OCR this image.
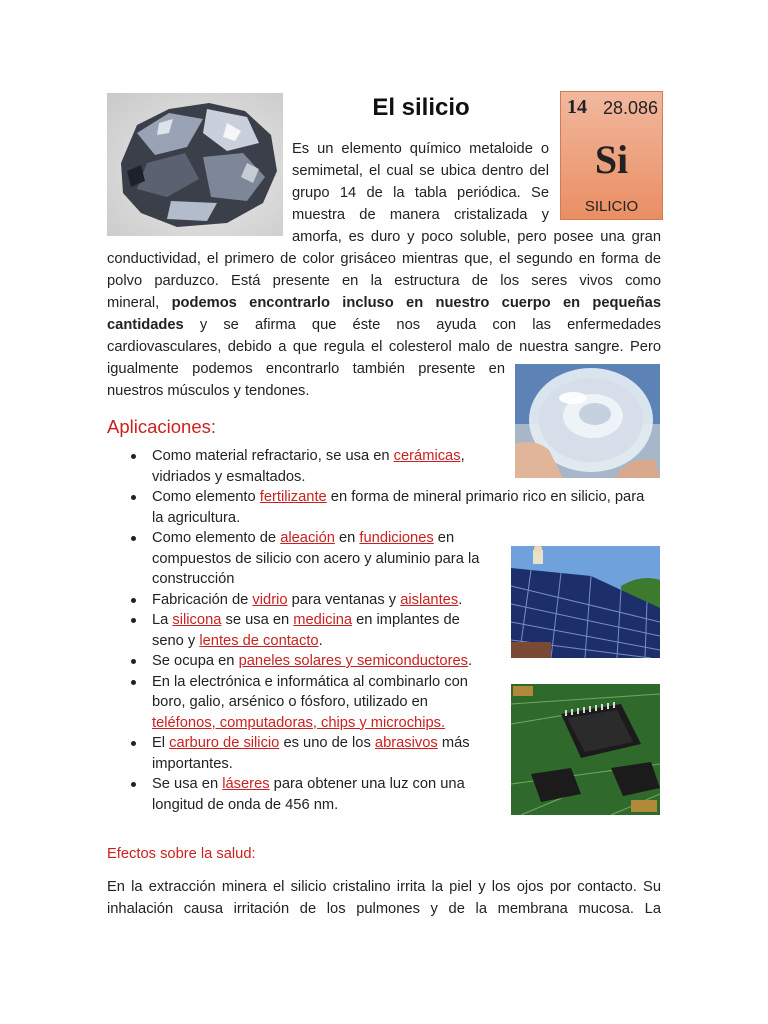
El silicio	14 28.086
Si
SILICIO
Es un elemento químico metaloide o
semimetal, el cual se ubica dentro del
grupo 14 de la tabla periódica. Se
muestra de manera cristalizada y
amorfa, es duro y poco soluble, pero posee una gran
conductividad, el primero de color grisáceo mientras que, el segundo en forma de
polvo parduzco. Está presente en la estructura de los seres vivos como
mineral, podemos encontrarlo incluso en nuestro cuerpo en pequeñas
cantidades y se afirma que éste nos ayuda con las enfermedades
cardiovasculares, debido a que regula el colesterol malo de nuestra sangre. Pero
igualmente podemos encontrarlo también presente en
nuestros músculos y tendones.
Aplicaciones:
Como material refractario, se usa en cerámicas,
vidriados y esmaltados.
Como elemento fertilizante en forma de mineral primario rico en silicio, para
la agricultura.
Como elemento de aleación en fundiciones en
compuestos de silicio con acero y aluminio para la
construcción
Fabricación de vidrio para ventanas y aislantes.
La silicona se usa en medicina en implantes de
seno y lentes de contacto.
Se ocupa en paneles solares y semiconductores.
En la electrónica e informática al combinarlo con
boro, galio, arsénico o fósforo, utilizado en
teléfonos, computadoras, chips y microchips.
El carburo de silicio es uno de los abrasivos más
importantes.
Se usa en láseres para obtener una luz con una
longitud de onda de 456 nm.
Efectos sobre la salud:
En la extracción minera el silicio cristalino irrita la piel y los ojos por contacto. Su
inhalación causa irritación de los pulmones y de la membrana mucosa. La
